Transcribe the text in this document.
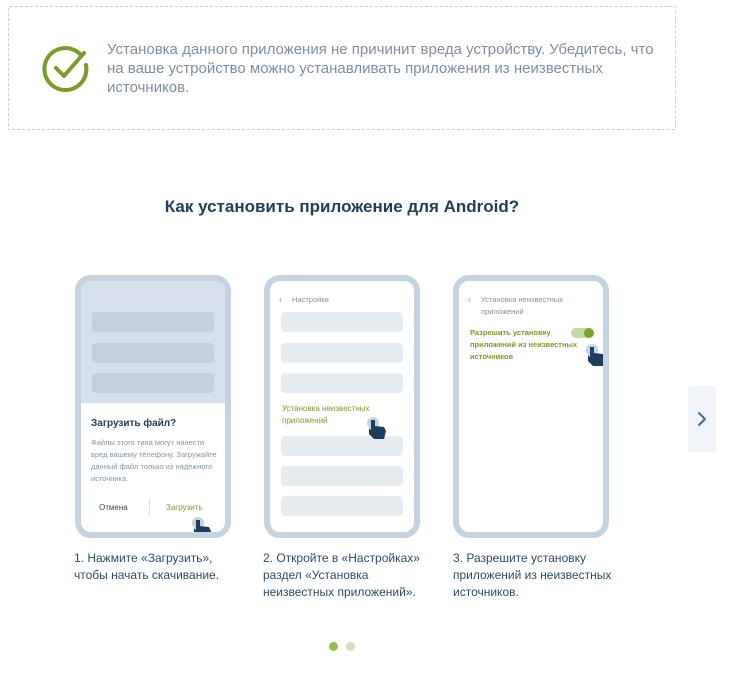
Установка данного приложения не причинит вреда устройству. Убедитесь, что на ваше устройство можно устанавливать приложения из неизвестных источников.
Как установить приложение для Android?
Загрузить файл?
Файлы этого типа могут нанести вред вашему телефону. Загружайте данный файл только из надежного источника.
Отмена	Загрузить
‹ Настройки
Установка неизвестных приложений
‹ Установка неизвестных приложений
Разрешить установку приложений из неизвестных источников
1. Нажмите «Загрузить», чтобы начать скачивание.
2. Откройте в «Настройках» раздел «Установка неизвестных приложений».
3. Разрешите установку приложений из неизвестных источников.
